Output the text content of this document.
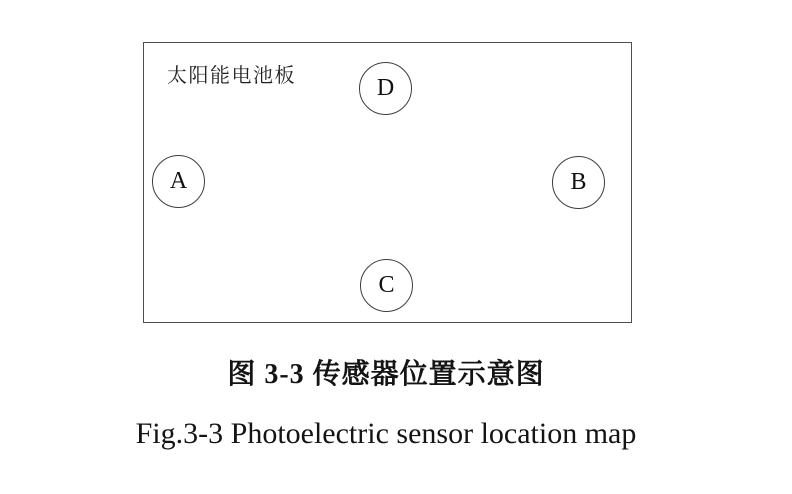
太阳能电池板
A	B
C
D
图 3-3 传感器位置示意图
Fig.3-3 Photoelectric sensor location map
